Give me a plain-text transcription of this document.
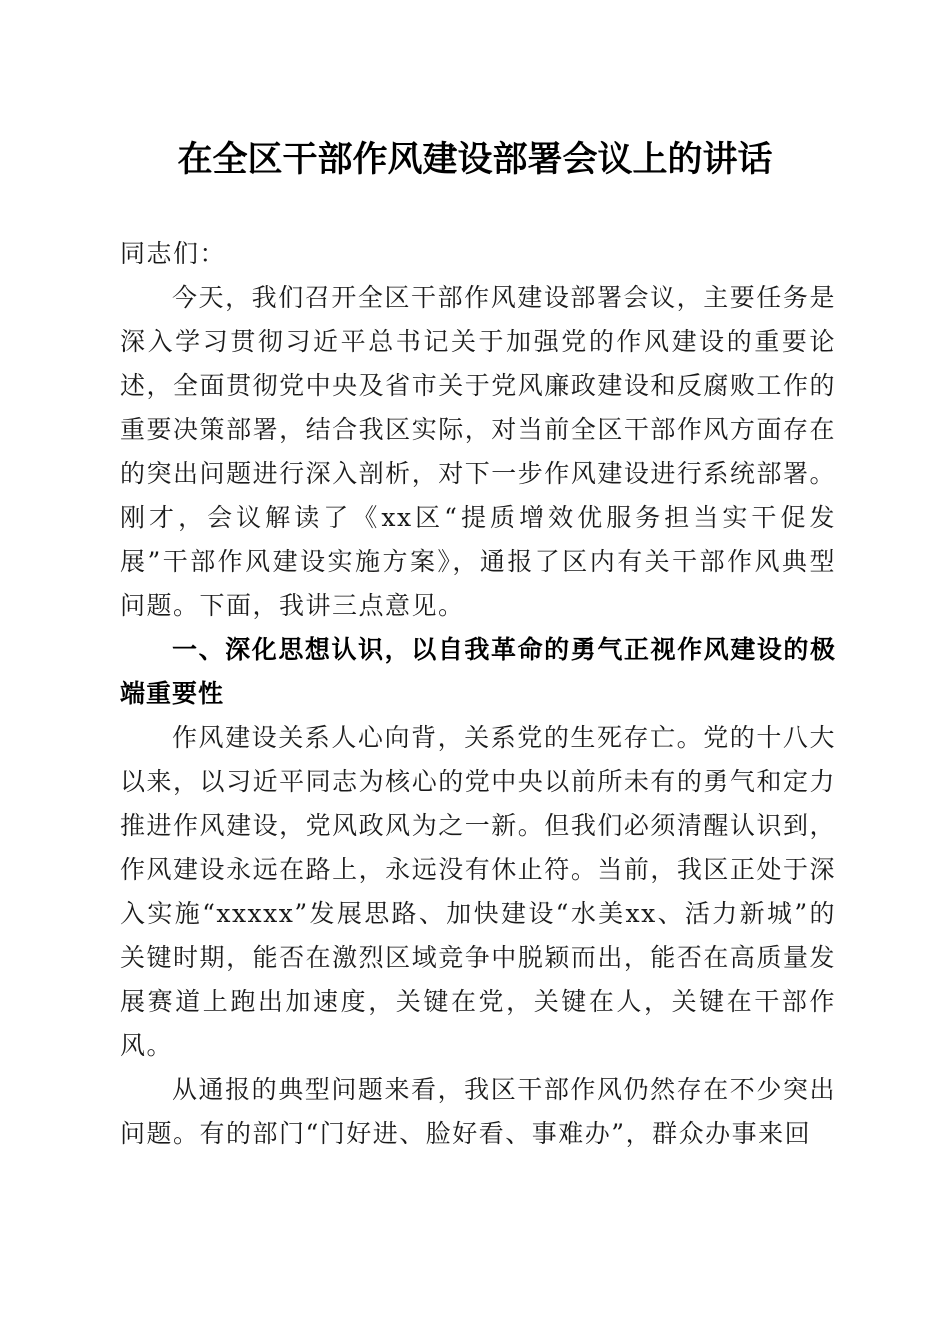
在全区干部作风建设部署会议上的讲话

同志们：

今天，我们召开全区干部作风建设部署会议，主要任务是深入学习贯彻习近平总书记关于加强党的作风建设的重要论述，全面贯彻党中央及省市关于党风廉政建设和反腐败工作的重要决策部署，结合我区实际，对当前全区干部作风方面存在的突出问题进行深入剖析，对下一步作风建设进行系统部署。刚才，会议解读了《xx区“提质增效优服务担当实干促发展”干部作风建设实施方案》，通报了区内有关干部作风典型问题。下面，我讲三点意见。

一、深化思想认识，以自我革命的勇气正视作风建设的极端重要性

作风建设关系人心向背，关系党的生死存亡。党的十八大以来，以习近平同志为核心的党中央以前所未有的勇气和定力推进作风建设，党风政风为之一新。但我们必须清醒认识到，作风建设永远在路上，永远没有休止符。当前，我区正处于深入实施“xxxxx”发展思路、加快建设“水美xx、活力新城”的关键时期，能否在激烈区域竞争中脱颖而出，能否在高质量发展赛道上跑出加速度，关键在党，关键在人，关键在干部作风。

从通报的典型问题来看，我区干部作风仍然存在不少突出问题。有的部门“门好进、脸好看、事难办”，群众办事来回
